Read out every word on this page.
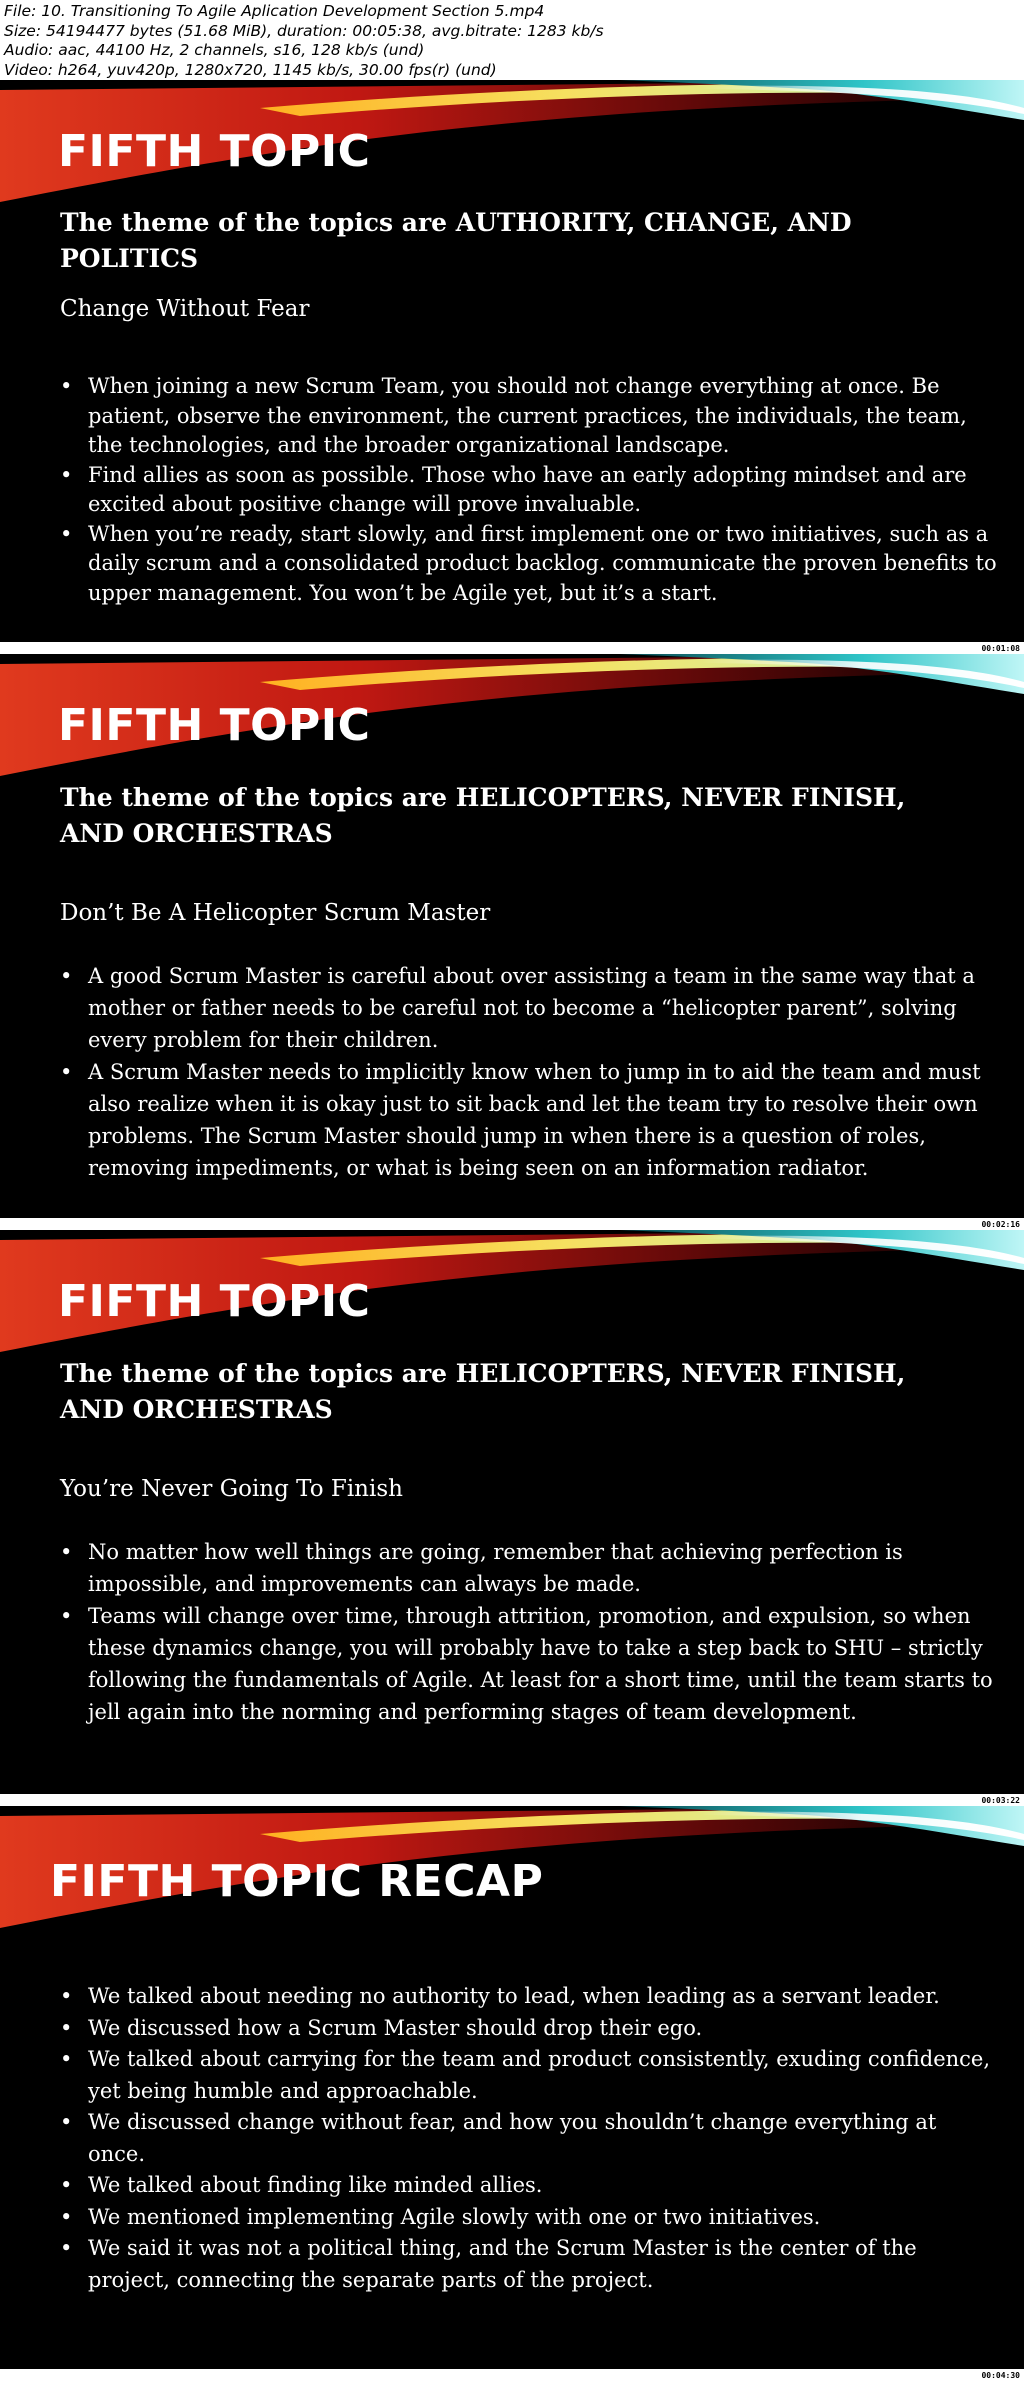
File: 10. Transitioning To Agile Aplication Development Section 5.mp4
Size: 54194477 bytes (51.68 MiB), duration: 00:05:38, avg.bitrate: 1283 kb/s
Audio: aac, 44100 Hz, 2 channels, s16, 128 kb/s (und)
Video: h264, yuv420p, 1280x720, 1145 kb/s, 30.00 fps(r) (und)
FIFTH TOPIC
The theme of the topics are AUTHORITY, CHANGE, AND POLITICS
Change Without Fear
• When joining a new Scrum Team, you should not change everything at once. Be patient, observe the environment, the current practices, the individuals, the team, the technologies, and the broader organizational landscape.
• Find allies as soon as possible. Those who have an early adopting mindset and are excited about positive change will prove invaluable.
• When you’re ready, start slowly, and first implement one or two initiatives, such as a daily scrum and a consolidated product backlog. communicate the proven benefits to upper management. You won’t be Agile yet, but it’s a start.
00:01:08
FIFTH TOPIC
The theme of the topics are HELICOPTERS, NEVER FINISH, AND ORCHESTRAS
Don’t Be A Helicopter Scrum Master
• A good Scrum Master is careful about over assisting a team in the same way that a mother or father needs to be careful not to become a “helicopter parent”, solving every problem for their children.
• A Scrum Master needs to implicitly know when to jump in to aid the team and must also realize when it is okay just to sit back and let the team try to resolve their own problems. The Scrum Master should jump in when there is a question of roles, removing impediments, or what is being seen on an information radiator.
00:02:16
FIFTH TOPIC
The theme of the topics are HELICOPTERS, NEVER FINISH, AND ORCHESTRAS
You’re Never Going To Finish
• No matter how well things are going, remember that achieving perfection is impossible, and improvements can always be made.
• Teams will change over time, through attrition, promotion, and expulsion, so when these dynamics change, you will probably have to take a step back to SHU – strictly following the fundamentals of Agile. At least for a short time, until the team starts to jell again into the norming and performing stages of team development.
00:03:22
FIFTH TOPIC RECAP
• We talked about needing no authority to lead, when leading as a servant leader.
• We discussed how a Scrum Master should drop their ego.
• We talked about carrying for the team and product consistently, exuding confidence, yet being humble and approachable.
• We discussed change without fear, and how you shouldn’t change everything at once.
• We talked about finding like minded allies.
• We mentioned implementing Agile slowly with one or two initiatives.
• We said it was not a political thing, and the Scrum Master is the center of the project, connecting the separate parts of the project.
00:04:30
